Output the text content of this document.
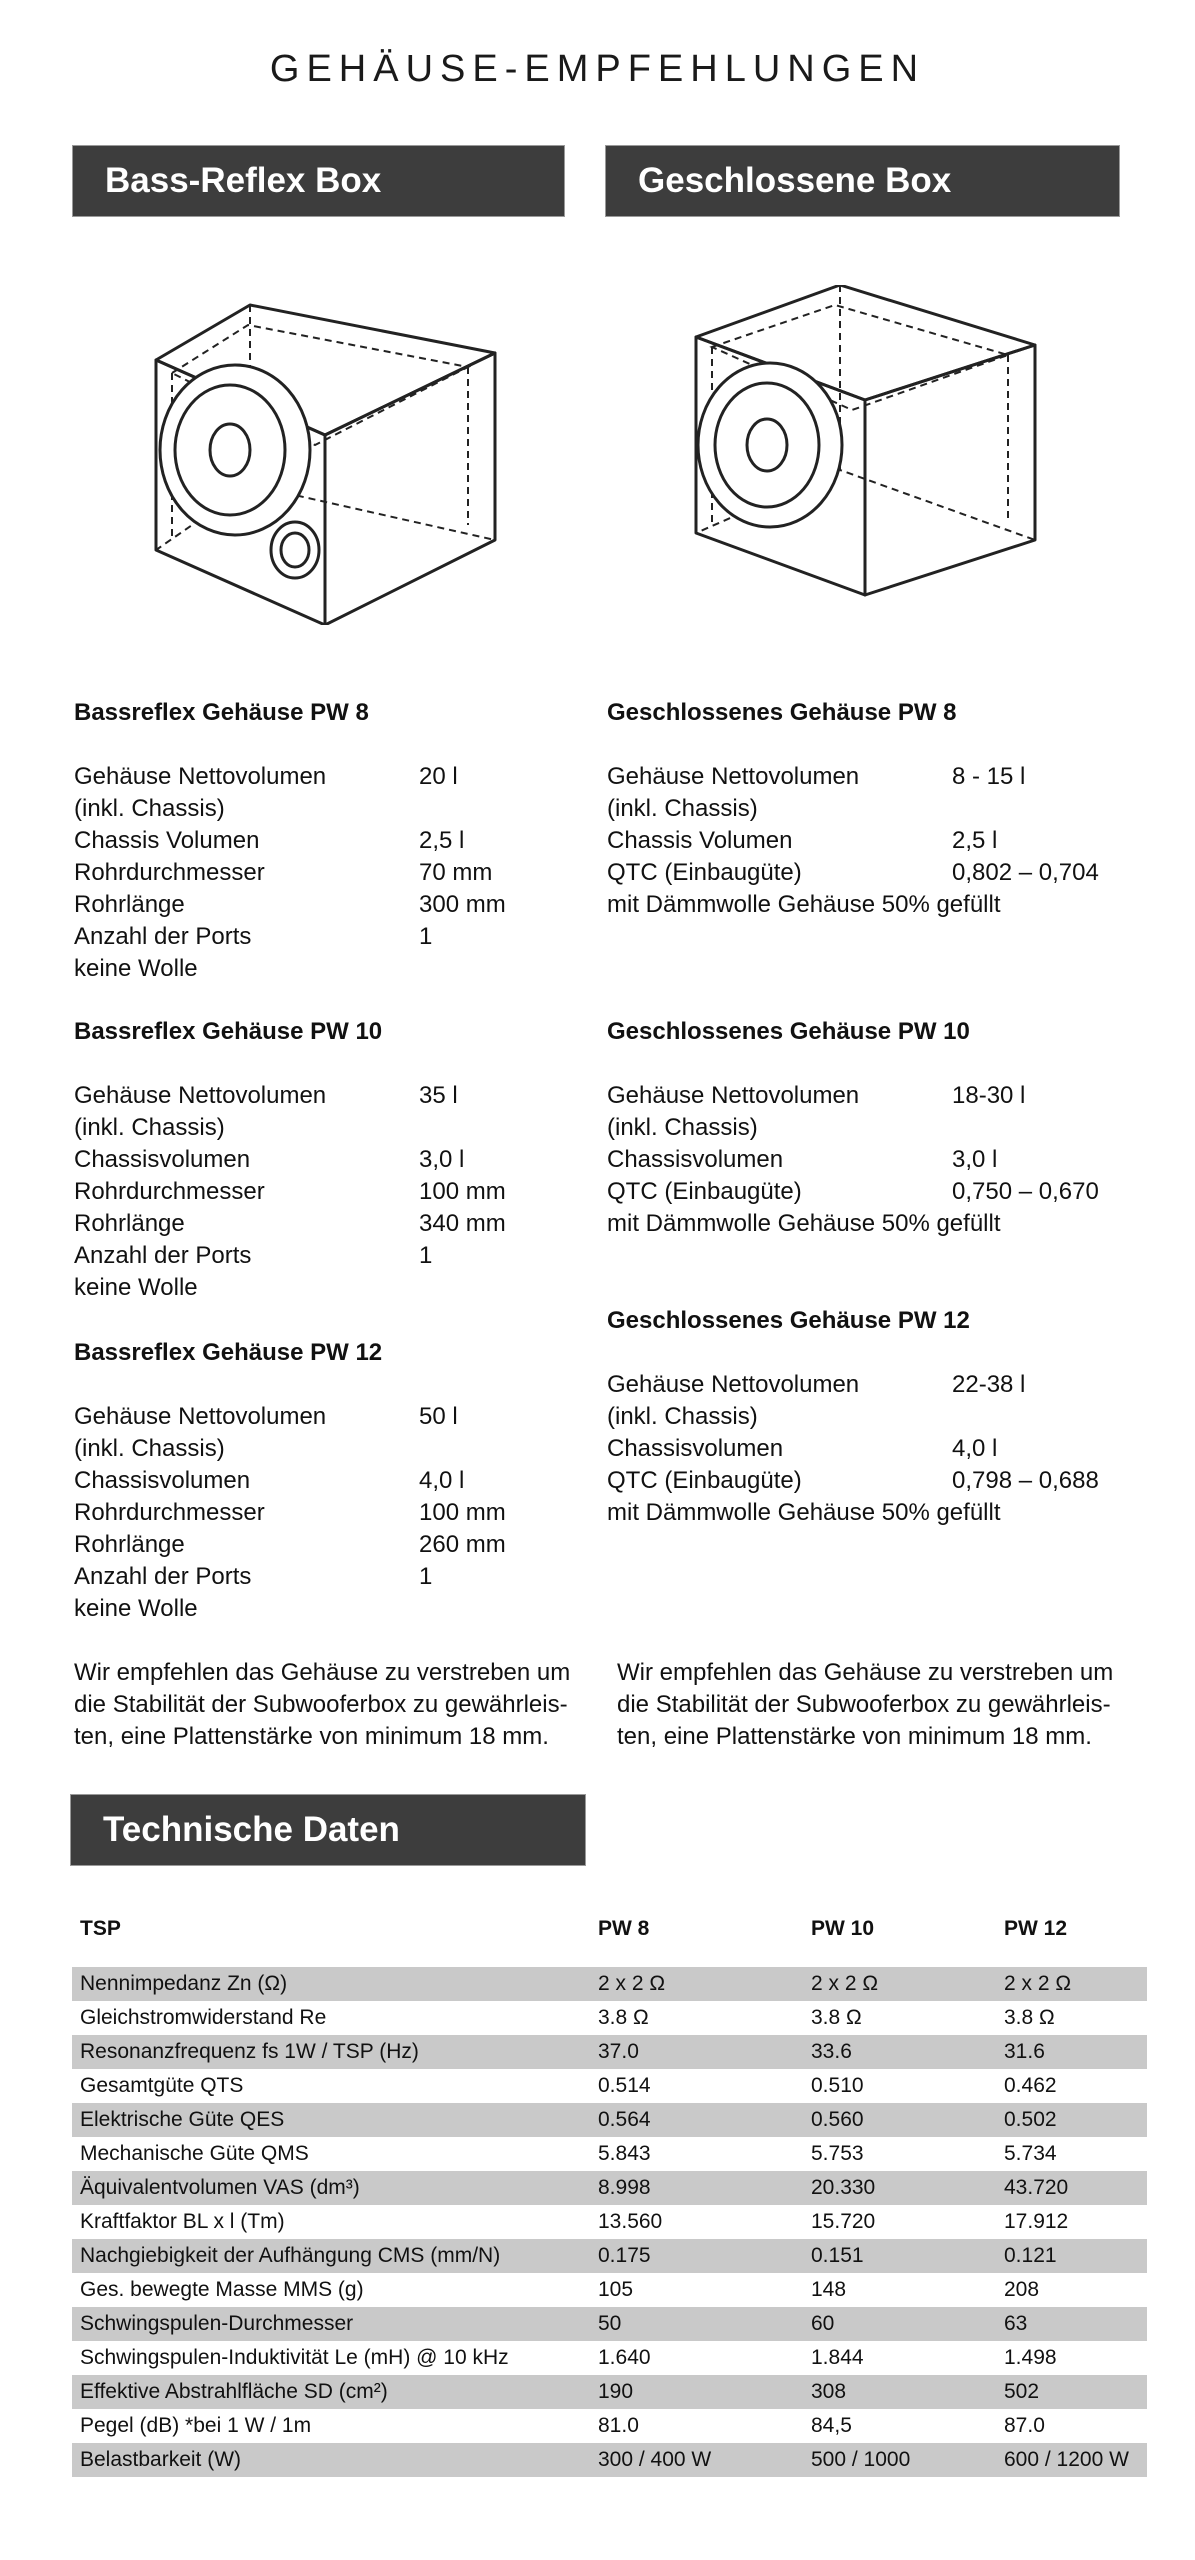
GEHÄUSE-EMPFEHLUNGEN
Bass-Reflex Box	Geschlossene Box
Bassreflex Gehäuse PW 8
Gehäuse Nettovolumen	20 l
(inkl. Chassis)
Chassis Volumen	2,5 l
Rohrdurchmesser	70 mm
Rohrlänge	300 mm
Anzahl der Ports	1
keine Wolle
Bassreflex Gehäuse PW 10
Gehäuse Nettovolumen	35 l
(inkl. Chassis)
Chassisvolumen	3,0 l
Rohrdurchmesser	100 mm
Rohrlänge	340 mm
Anzahl der Ports	1
keine Wolle
Bassreflex Gehäuse PW 12
Gehäuse Nettovolumen	50 l
(inkl. Chassis)
Chassisvolumen	4,0 l
Rohrdurchmesser	100 mm
Rohrlänge	260 mm
Anzahl der Ports	1
keine Wolle
Geschlossenes Gehäuse PW 8
Gehäuse Nettovolumen	8 - 15 l
(inkl. Chassis)
Chassis Volumen	2,5 l
QTC (Einbaugüte)	0,802 – 0,704
mit Dämmwolle Gehäuse 50% gefüllt
Geschlossenes Gehäuse PW 10
Gehäuse Nettovolumen	18-30 l
(inkl. Chassis)
Chassisvolumen	3,0 l
QTC (Einbaugüte)	0,750 – 0,670
mit Dämmwolle Gehäuse 50% gefüllt
Geschlossenes Gehäuse PW 12
Gehäuse Nettovolumen	22-38 l
(inkl. Chassis)
Chassisvolumen	4,0 l
QTC (Einbaugüte)	0,798 – 0,688
mit Dämmwolle Gehäuse 50% gefüllt
Wir empfehlen das Gehäuse zu verstreben um
die Stabilität der Subwooferbox zu gewährleis-
ten, eine Plattenstärke von minimum 18 mm.
Wir empfehlen das Gehäuse zu verstreben um
die Stabilität der Subwooferbox zu gewährleis-
ten, eine Plattenstärke von minimum 18 mm.
Technische Daten
TSP	PW 8	PW 10	PW 12

Nennimpedanz Zn (Ω)	2 x 2 Ω	2 x 2 Ω	2 x 2 Ω
Gleichstromwiderstand Re	3.8 Ω	3.8 Ω	3.8 Ω
Resonanzfrequenz fs 1W / TSP (Hz)	37.0	33.6	31.6
Gesamtgüte QTS	0.514	0.510	0.462
Elektrische Güte QES	0.564	0.560	0.502
Mechanische Güte QMS	5.843	5.753	5.734
Äquivalentvolumen VAS (dm³)	8.998	20.330	43.720
Kraftfaktor BL x l (Tm)	13.560	15.720	17.912
Nachgiebigkeit der Aufhängung CMS (mm/N)	0.175	0.151	0.121
Ges. bewegte Masse MMS (g)	105	148	208
Schwingspulen-Durchmesser	50	60	63
Schwingspulen-Induktivität Le (mH) @ 10 kHz	1.640	1.844	1.498
Effektive Abstrahlfläche SD (cm²)	190	308	502
Pegel (dB) *bei 1 W / 1m	81.0	84,5	87.0
Belastbarkeit (W)	300 / 400 W	500 / 1000	600 / 1200 W
